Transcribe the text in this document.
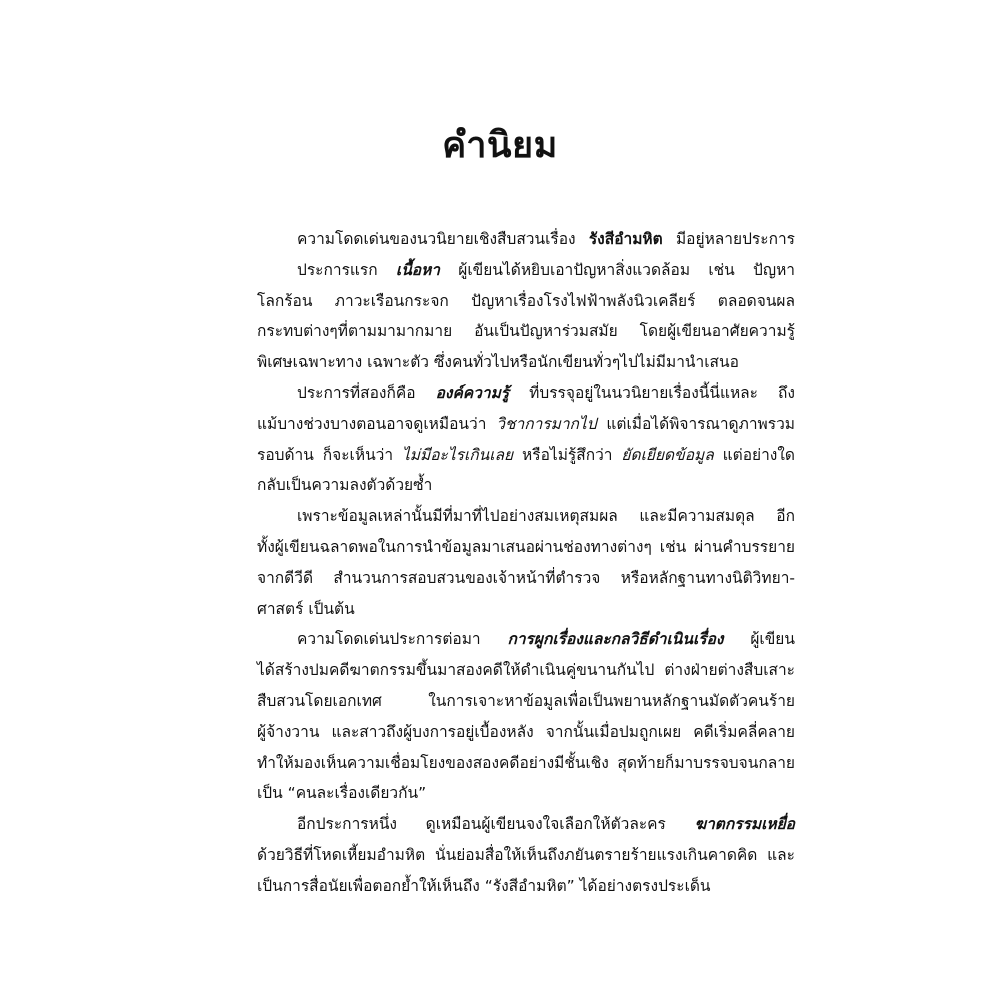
คำนิยม
ความโดดเด่นของนวนิยายเชิงสืบสวนเรื่อง รังสีอำมหิต มีอยู่หลายประการ
ประการแรก เนื้อหา ผู้เขียนได้หยิบเอาปัญหาสิ่งแวดล้อม เช่น ปัญหา
โลกร้อน ภาวะเรือนกระจก ปัญหาเรื่องโรงไฟฟ้าพลังนิวเคลียร์ ตลอดจนผล
กระทบต่างๆที่ตามมามากมาย อันเป็นปัญหาร่วมสมัย โดยผู้เขียนอาศัยความรู้
พิเศษเฉพาะทาง เฉพาะตัว ซึ่งคนทั่วไปหรือนักเขียนทั่วๆไปไม่มีมานำเสนอ
ประการที่สองก็คือ องค์ความรู้ ที่บรรจุอยู่ในนวนิยายเรื่องนี้นี่แหละ ถึง
แม้บางช่วงบางตอนอาจดูเหมือนว่า วิชาการมากไป แต่เมื่อได้พิจารณาดูภาพรวม
รอบด้าน ก็จะเห็นว่า ไม่มีอะไรเกินเลย หรือไม่รู้สึกว่า ยัดเยียดข้อมูล แต่อย่างใด
กลับเป็นความลงตัวด้วยซ้ำ
เพราะข้อมูลเหล่านั้นมีที่มาที่ไปอย่างสมเหตุสมผล และมีความสมดุล อีก
ทั้งผู้เขียนฉลาดพอในการนำข้อมูลมาเสนอผ่านช่องทางต่างๆ เช่น ผ่านคำบรรยาย
จากดีวีดี สำนวนการสอบสวนของเจ้าหน้าที่ตำรวจ หรือหลักฐานทางนิติวิทยา-
ศาสตร์ เป็นต้น
ความโดดเด่นประการต่อมา การผูกเรื่องและกลวิธีดำเนินเรื่อง ผู้เขียน
ได้สร้างปมคดีฆาตกรรมขึ้นมาสองคดีให้ดำเนินคู่ขนานกันไป ต่างฝ่ายต่างสืบเสาะ
สืบสวนโดยเอกเทศ ในการเจาะหาข้อมูลเพื่อเป็นพยานหลักฐานมัดตัวคนร้าย
ผู้จ้างวาน และสาวถึงผู้บงการอยู่เบื้องหลัง จากนั้นเมื่อปมถูกเผย คดีเริ่มคลี่คลาย
ทำให้มองเห็นความเชื่อมโยงของสองคดีอย่างมีชั้นเชิง สุดท้ายก็มาบรรจบจนกลาย
เป็น “คนละเรื่องเดียวกัน”
อีกประการหนึ่ง ดูเหมือนผู้เขียนจงใจเลือกให้ตัวละคร ฆาตกรรมเหยื่อ
ด้วยวิธีที่โหดเหี้ยมอำมหิต นั่นย่อมสื่อให้เห็นถึงภยันตรายร้ายแรงเกินคาดคิด และ
เป็นการสื่อนัยเพื่อตอกย้ำให้เห็นถึง “รังสีอำมหิต” ได้อย่างตรงประเด็น
